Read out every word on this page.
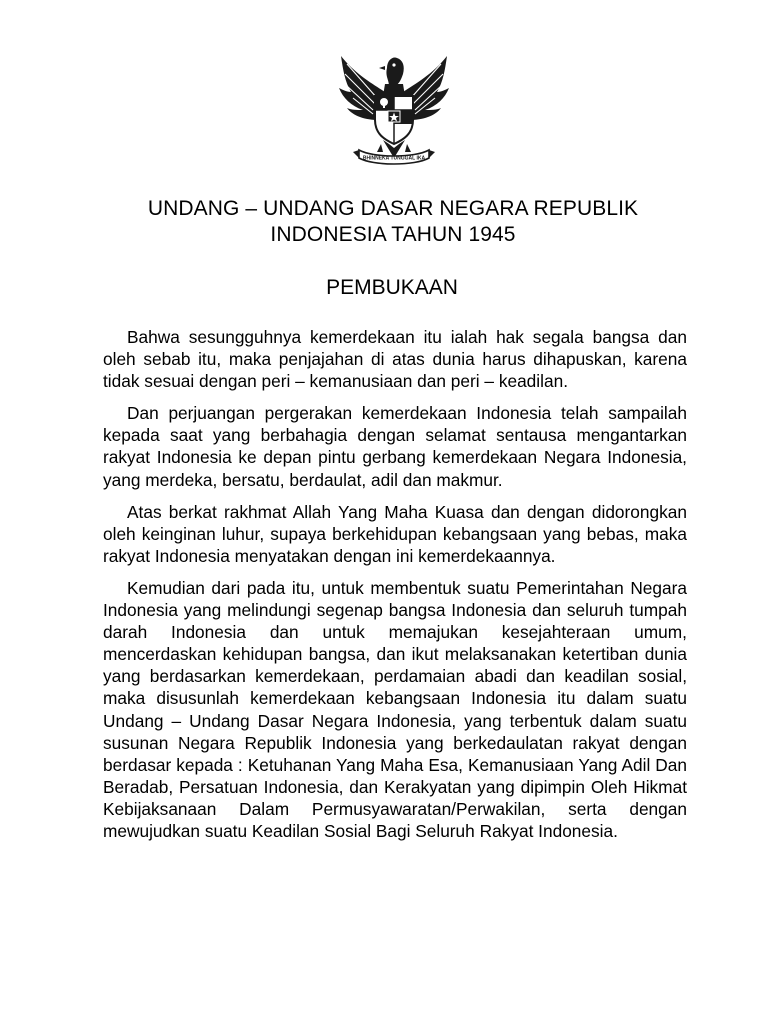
BHINNEKA TUNGGAL IKA
UNDANG – UNDANG DASAR NEGARA REPUBLIK
INDONESIA TAHUN 1945
PEMBUKAAN

Bahwa sesungguhnya kemerdekaan itu ialah hak segala bangsa dan oleh sebab itu, maka penjajahan di atas dunia harus dihapuskan, karena tidak sesuai dengan peri – kemanusiaan dan peri – keadilan.

Dan perjuangan pergerakan kemerdekaan Indonesia telah sampailah kepada saat yang berbahagia dengan selamat sentausa mengantarkan rakyat Indonesia ke depan pintu gerbang kemerdekaan Negara Indonesia, yang merdeka, bersatu, berdaulat, adil dan makmur.

Atas berkat rakhmat Allah Yang Maha Kuasa dan dengan didorongkan oleh keinginan luhur, supaya berkehidupan kebangsaan yang bebas, maka rakyat Indonesia menyatakan dengan ini kemerdekaannya.

Kemudian dari pada itu, untuk membentuk suatu Pemerintahan Negara Indonesia yang melindungi segenap bangsa Indonesia dan seluruh tumpah darah Indonesia dan untuk memajukan kesejahteraan umum, mencerdaskan kehidupan bangsa, dan ikut melaksanakan ketertiban dunia yang berdasarkan kemerdekaan, perdamaian abadi dan keadilan sosial, maka disusunlah kemerdekaan kebangsaan Indonesia itu dalam suatu Undang – Undang Dasar Negara Indonesia, yang terbentuk dalam suatu susunan Negara Republik Indonesia yang berkedaulatan rakyat dengan berdasar kepada : Ketuhanan Yang Maha Esa, Kemanusiaan Yang Adil Dan Beradab, Persatuan Indonesia, dan Kerakyatan yang dipimpin Oleh Hikmat Kebijaksanaan Dalam Permusyawaratan/Perwakilan, serta dengan mewujudkan suatu Keadilan Sosial Bagi Seluruh Rakyat Indonesia.
